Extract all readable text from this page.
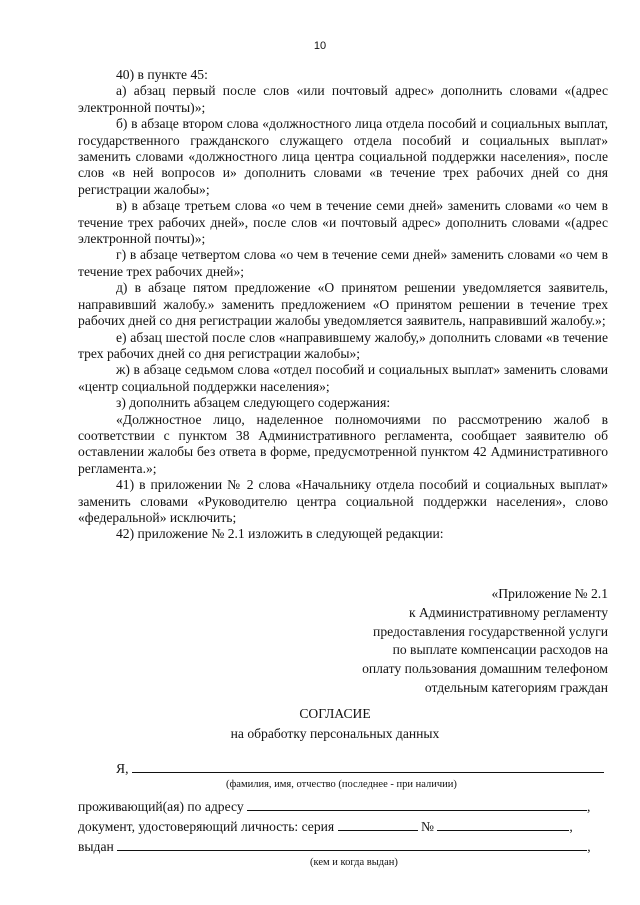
10

40) в пункте 45:

а) абзац первый после слов «или почтовый адрес» дополнить словами «(адрес электронной почты)»;

б) в абзаце втором слова «должностного лица отдела пособий и социальных выплат, государственного гражданского служащего отдела пособий и социальных выплат» заменить словами «должностного лица центра социальной поддержки населения», после слов «в ней вопросов и» дополнить словами «в течение трех рабочих дней со дня регистрации жалобы»;

в) в абзаце третьем слова «о чем в течение семи дней» заменить словами «о чем в течение трех рабочих дней», после слов «и почтовый адрес» дополнить словами «(адрес электронной почты)»;

г) в абзаце четвертом слова «о чем в течение семи дней» заменить словами «о чем в течение трех рабочих дней»;

д) в абзаце пятом предложение «О принятом решении уведомляется заявитель, направивший жалобу.» заменить предложением «О принятом решении в течение трех рабочих дней со дня регистрации жалобы уведомляется заявитель, направивший жалобу.»;

е) абзац шестой после слов «направившему жалобу,» дополнить словами «в течение трех рабочих дней со дня регистрации жалобы»;

ж) в абзаце седьмом слова «отдел пособий и социальных выплат» заменить словами «центр социальной поддержки населения»;

з) дополнить абзацем следующего содержания:

«Должностное лицо, наделенное полномочиями по рассмотрению жалоб в соответствии с пунктом 38 Административного регламента, сообщает заявителю об оставлении жалобы без ответа в форме, предусмотренной пунктом 42 Административного регламента.»;

41) в приложении № 2 слова «Начальнику отдела пособий и социальных выплат» заменить словами «Руководителю центра социальной поддержки населения», слово «федеральной» исключить;

42) приложение № 2.1 изложить в следующей редакции:

«Приложение № 2.1
к Административному регламенту
предоставления государственной услуги
по выплате компенсации расходов на
оплату пользования домашним телефоном
отдельным категориям граждан
СОГЛАСИЕ
на обработку персональных данных
Я,
(фамилия, имя, отчество (последнее - при наличии)
проживающий(ая) по адресу	,
документ, удостоверяющий личность: серия	№	,
выдан	,
(кем и когда выдан)
